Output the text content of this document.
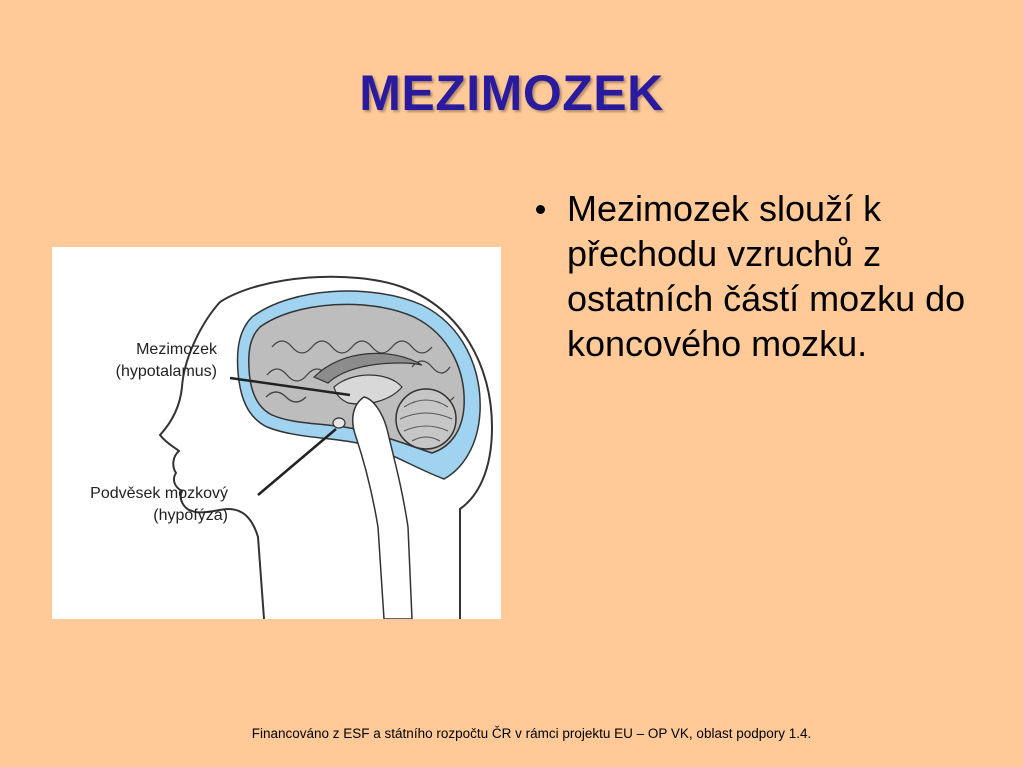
MEZIMOZEK
Mezimozek slouží k přechodu vzruchů z ostatních částí mozku do koncového mozku.
Mezimozek
(hypotalamus)
Podvěsek mozkový
(hypofýza)
Financováno z ESF a státního rozpočtu ČR v rámci projektu EU – OP VK, oblast podpory 1.4.
